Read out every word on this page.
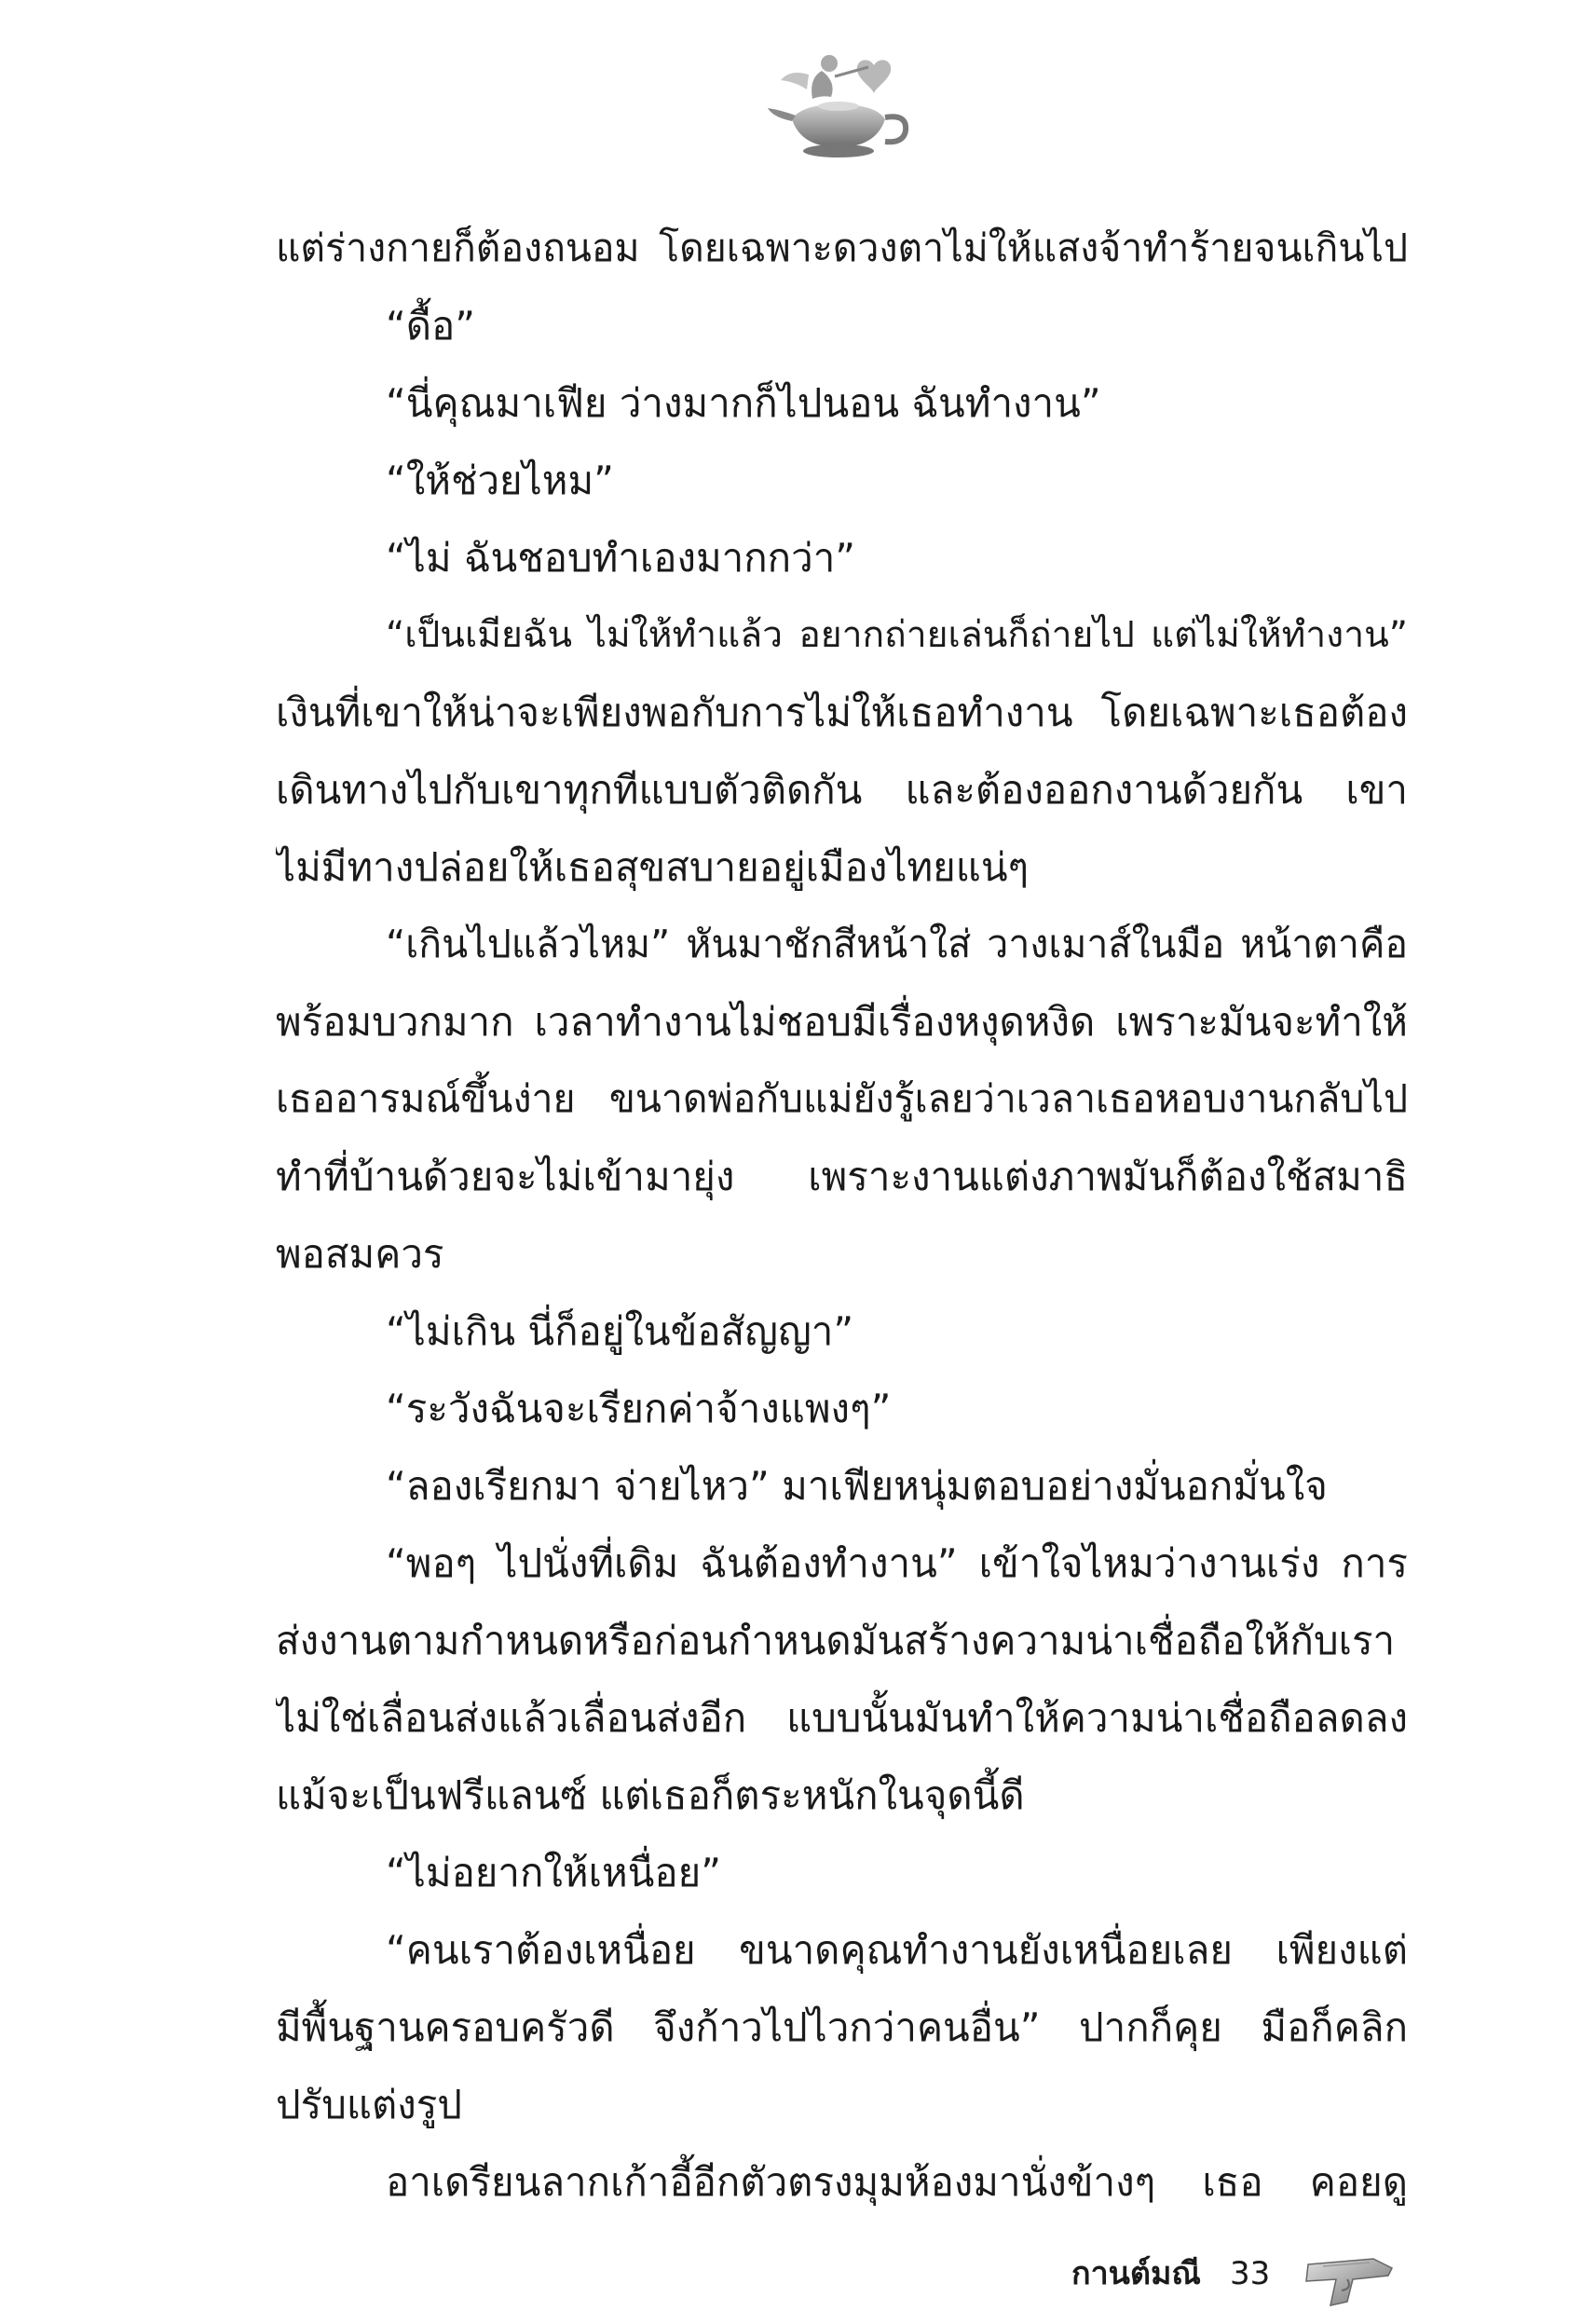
แต่ร่างกายก็ต้องถนอม โดยเฉพาะดวงตาไม่ให้แสงจ้าทำร้ายจนเกินไป
“ดื้อ”
“นี่คุณมาเฟีย ว่างมากก็ไปนอน ฉันทำงาน”
“ให้ช่วยไหม”
“ไม่ ฉันชอบทำเองมากกว่า”
“เป็นเมียฉัน ไม่ให้ทำแล้ว อยากถ่ายเล่นก็ถ่ายไป แต่ไม่ให้ทำงาน”
เงินที่เขาให้น่าจะเพียงพอกับการไม่ให้เธอทำงาน โดยเฉพาะเธอต้อง
เดินทางไปกับเขาทุกทีแบบตัวติดกัน และต้องออกงานด้วยกัน เขา
ไม่มีทางปล่อยให้เธอสุขสบายอยู่เมืองไทยแน่ๆ
“เกินไปแล้วไหม” หันมาชักสีหน้าใส่ วางเมาส์ในมือ หน้าตาคือ
พร้อมบวกมาก เวลาทำงานไม่ชอบมีเรื่องหงุดหงิด เพราะมันจะทำให้
เธออารมณ์ขึ้นง่าย ขนาดพ่อกับแม่ยังรู้เลยว่าเวลาเธอหอบงานกลับไป
ทำที่บ้านด้วยจะไม่เข้ามายุ่ง เพราะงานแต่งภาพมันก็ต้องใช้สมาธิ
พอสมควร
“ไม่เกิน นี่ก็อยู่ในข้อสัญญา”
“ระวังฉันจะเรียกค่าจ้างแพงๆ”
“ลองเรียกมา จ่ายไหว” มาเฟียหนุ่มตอบอย่างมั่นอกมั่นใจ
“พอๆ ไปนั่งที่เดิม ฉันต้องทำงาน” เข้าใจไหมว่างานเร่ง การ
ส่งงานตามกำหนดหรือก่อนกำหนดมันสร้างความน่าเชื่อถือให้กับเรา
ไม่ใช่เลื่อนส่งแล้วเลื่อนส่งอีก แบบนั้นมันทำให้ความน่าเชื่อถือลดลง
แม้จะเป็นฟรีแลนซ์ แต่เธอก็ตระหนักในจุดนี้ดี
“ไม่อยากให้เหนื่อย”
“คนเราต้องเหนื่อย ขนาดคุณทำงานยังเหนื่อยเลย เพียงแต่
มีพื้นฐานครอบครัวดี จึงก้าวไปไวกว่าคนอื่น” ปากก็คุย มือก็คลิก
ปรับแต่งรูป
อาเดรียนลากเก้าอี้อีกตัวตรงมุมห้องมานั่งข้างๆ เธอ คอยดู
กานต์มณี 33
